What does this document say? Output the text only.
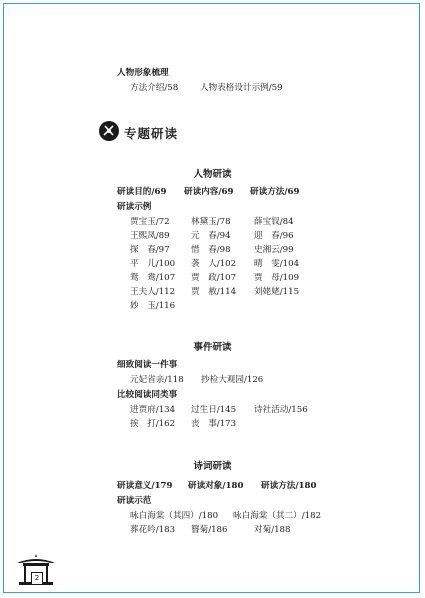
人物形象梳理
方法介绍/58	人物表格设计示例/59
专题研读
人物研读
研读目的/69 研读内容/69 研读方法/69
研读示例
贾宝玉/72 林黛玉/78	薛宝钗/84
王熙凤/89 元　春/94	迎　春/96
探　春/97 惜　春/98	史湘云/99
平　儿/100 袭　人/102 晴　雯/104
鸳　鸯/107 贾　政/107 贾　母/109
王夫人/112 贾　赦/114 刘姥姥/115
妙　玉/116
事件研读
细致阅读一件事
元妃省亲/118 抄检大观园/126
比较阅读同类事
进贾府/134 过生日/145 诗社活动/156
挨　打/162 丧　事/173
诗词研读
研读意义/179 研读对象/180 研读方法/180
研读示范
咏白海棠（其四）/180 咏白海棠（其二）/182
葬花吟/183 簪菊/186	对菊/188
2
